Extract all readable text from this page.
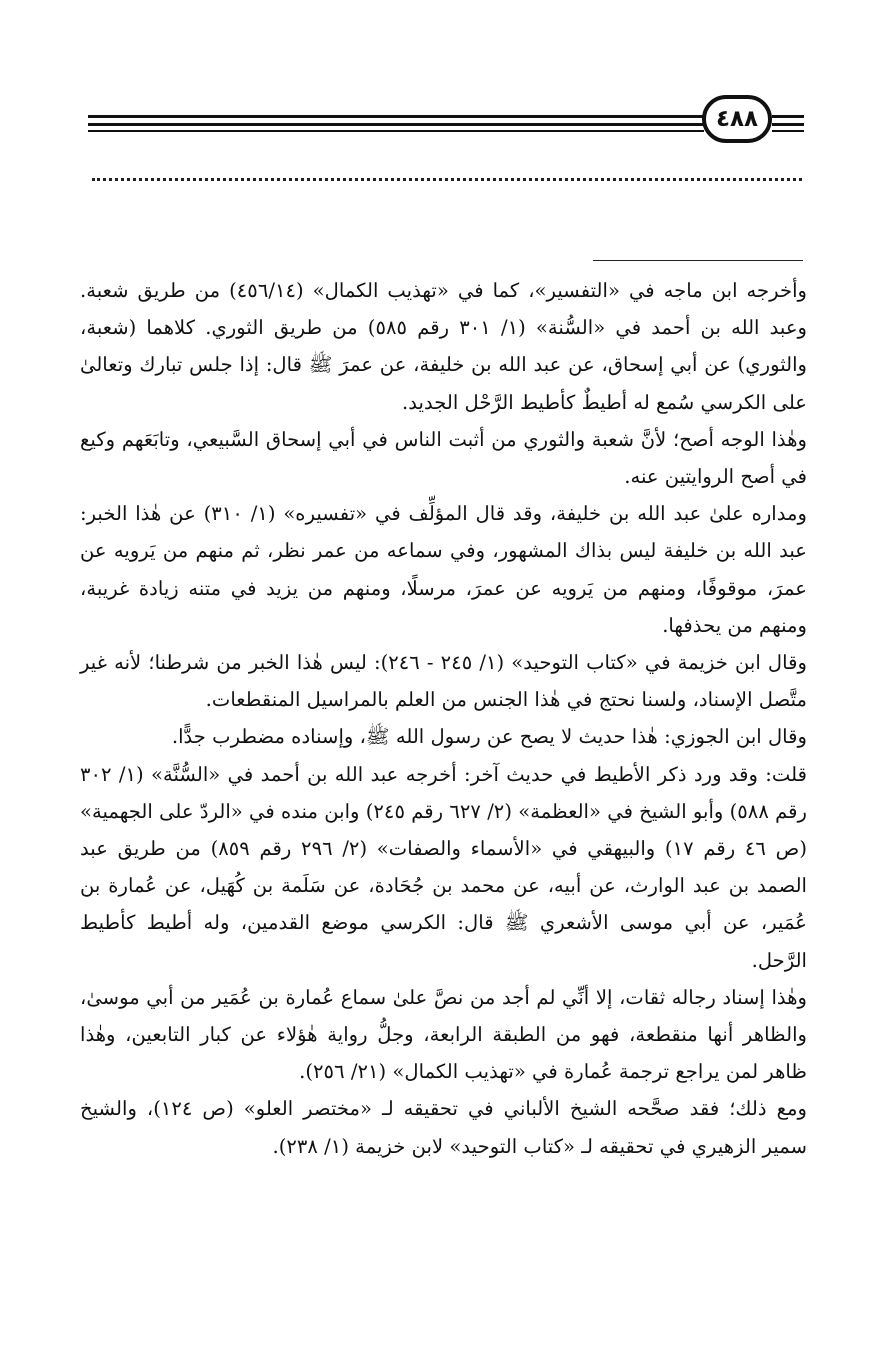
٤٨٨

وأخرجه ابن ماجه في «التفسير»، كما في «تهذيب الكمال» (٤٥٦/١٤) من طريق شعبة. وعبد الله بن أحمد في «السُّنة» (١/ ٣٠١ رقم ٥٨٥) من طريق الثوري. كلاهما (شعبة، والثوري) عن أبي إسحاق، عن عبد الله بن خليفة، عن عمرَ ﷺ قال: إذا جلس تبارك وتعالىٰ على الكرسي سُمع له أطيطٌ كأطيط الرَّحْل الجديد.

وهٰذا الوجه أصح؛ لأنَّ شعبة والثوري من أثبت الناس في أبي إسحاق السَّبيعي، وتابَعَهم وكيع في أصح الروايتين عنه.

ومداره علىٰ عبد الله بن خليفة، وقد قال المؤلِّف في «تفسيره» (١/ ٣١٠) عن هٰذا الخبر: عبد الله بن خليفة ليس بذاك المشهور، وفي سماعه من عمر نظر، ثم منهم من يَرويه عن عمرَ، موقوفًا، ومنهم من يَرويه عن عمرَ، مرسلًا، ومنهم من يزيد في متنه زيادة غريبة، ومنهم من يحذفها.

وقال ابن خزيمة في «كتاب التوحيد» (١/ ٢٤٥ - ٢٤٦): ليس هٰذا الخبر من شرطنا؛ لأنه غير متَّصل الإسناد، ولسنا نحتج في هٰذا الجنس من العلم بالمراسيل المنقطعات.

وقال ابن الجوزي: هٰذا حديث لا يصح عن رسول الله ﷺ، وإسناده مضطرب جدًّا.

قلت: وقد ورد ذكر الأطيط في حديث آخر: أخرجه عبد الله بن أحمد في «السُّنَّة» (١/ ٣٠٢ رقم ٥٨٨) وأبو الشيخ في «العظمة» (٢/ ٦٢٧ رقم ٢٤٥) وابن منده في «الردّ على الجهمية» (ص ٤٦ رقم ١٧) والبيهقي في «الأسماء والصفات» (٢/ ٢٩٦ رقم ٨٥٩) من طريق عبد الصمد بن عبد الوارث، عن أبيه، عن محمد بن جُحَادة، عن سَلَمة بن كُهَيل، عن عُمارة بن عُمَير، عن أبي موسى الأشعري ﷺ قال: الكرسي موضع القدمين، وله أطيط كأطيط الرَّحل.

وهٰذا إسناد رجاله ثقات، إلا أنِّي لم أجد من نصَّ علىٰ سماع عُمارة بن عُمَير من أبي موسىٰ، والظاهر أنها منقطعة، فهو من الطبقة الرابعة، وجلُّ رواية هٰؤلاء عن كبار التابعين، وهٰذا ظاهر لمن يراجع ترجمة عُمارة في «تهذيب الكمال» (٢١/ ٢٥٦).

ومع ذلك؛ فقد صحَّحه الشيخ الألباني في تحقيقه لـ «مختصر العلو» (ص ١٢٤)، والشيخ سمير الزهيري في تحقيقه لـ «كتاب التوحيد» لابن خزيمة (١/ ٢٣٨).
